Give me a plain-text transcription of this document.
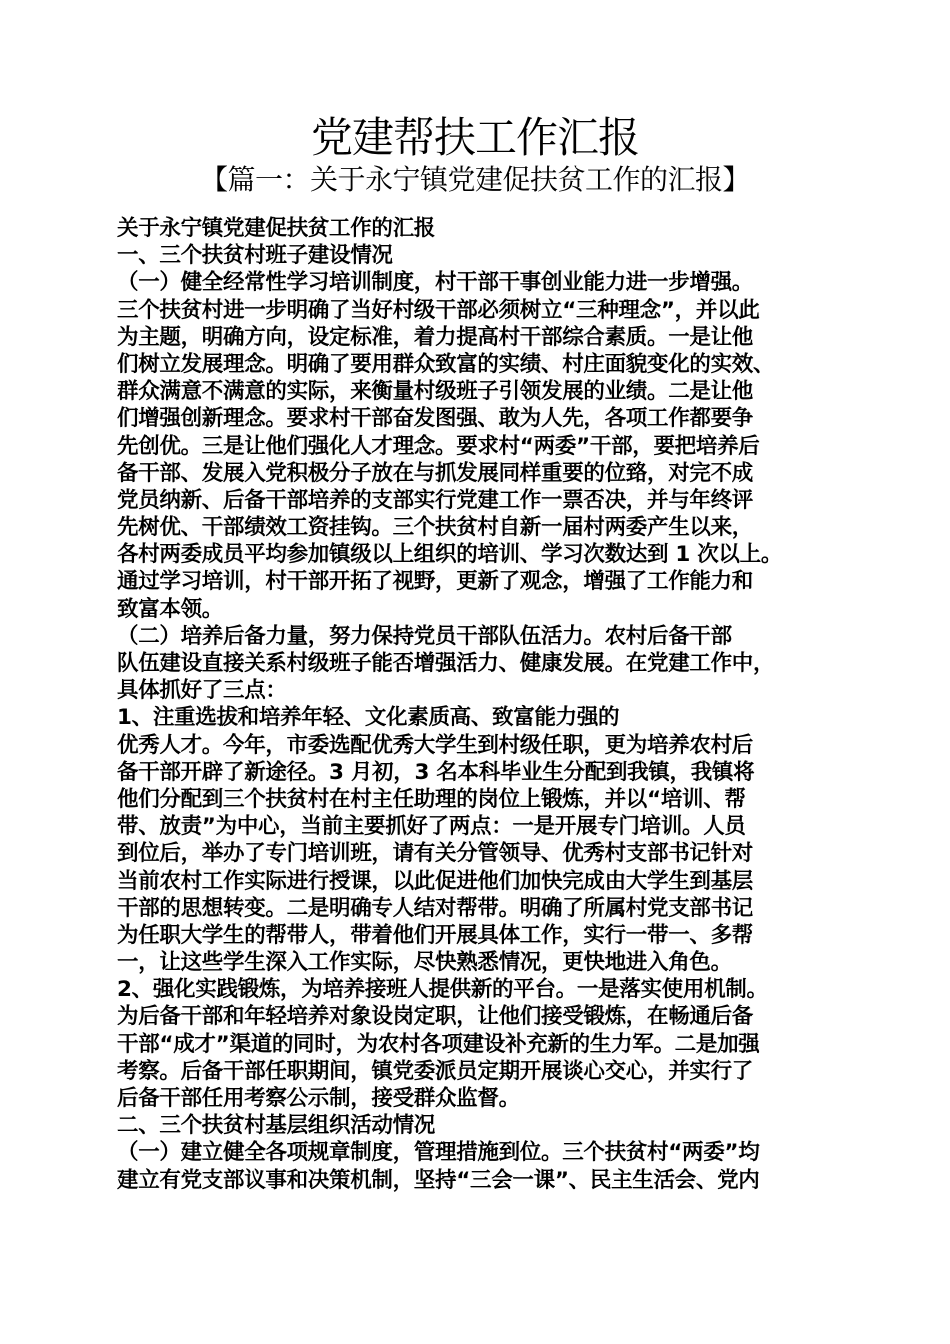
党建帮扶工作汇报
【篇一：关于永宁镇党建促扶贫工作的汇报】
关于永宁镇党建促扶贫工作的汇报
一、三个扶贫村班子建设情况
（一）健全经常性学习培训制度，村干部干事创业能力进一步增强。
三个扶贫村进一步明确了当好村级干部必须树立“三种理念”，并以此
为主题，明确方向，设定标准，着力提高村干部综合素质。一是让他
们树立发展理念。明确了要用群众致富的实绩、村庄面貌变化的实效、
群众满意不满意的实际，来衡量村级班子引领发展的业绩。二是让他
们增强创新理念。要求村干部奋发图强、敢为人先，各项工作都要争
先创优。三是让他们强化人才理念。要求村“两委”干部，要把培养后
备干部、发展入党积极分子放在与抓发展同样重要的位臵，对完不成
党员纳新、后备干部培养的支部实行党建工作一票否决，并与年终评
先树优、干部绩效工资挂钩。三个扶贫村自新一届村两委产生以来，
各村两委成员平均参加镇级以上组织的培训、学习次数达到 1 次以上。
通过学习培训，村干部开拓了视野，更新了观念，增强了工作能力和
致富本领。
（二）培养后备力量，努力保持党员干部队伍活力。农村后备干部
队伍建设直接关系村级班子能否增强活力、健康发展。在党建工作中，
具体抓好了三点：
1、注重选拔和培养年轻、文化素质高、致富能力强的
优秀人才。今年，市委选配优秀大学生到村级任职，更为培养农村后
备干部开辟了新途径。3 月初，3 名本科毕业生分配到我镇，我镇将
他们分配到三个扶贫村在村主任助理的岗位上锻炼，并以“培训、帮
带、放责”为中心，当前主要抓好了两点：一是开展专门培训。人员
到位后，举办了专门培训班，请有关分管领导、优秀村支部书记针对
当前农村工作实际进行授课，以此促进他们加快完成由大学生到基层
干部的思想转变。二是明确专人结对帮带。明确了所属村党支部书记
为任职大学生的帮带人，带着他们开展具体工作，实行一带一、多帮
一，让这些学生深入工作实际，尽快熟悉情况，更快地进入角色。
2、强化实践锻炼，为培养接班人提供新的平台。一是落实使用机制。
为后备干部和年轻培养对象设岗定职，让他们接受锻炼，在畅通后备
干部“成才”渠道的同时，为农村各项建设补充新的生力军。二是加强
考察。后备干部任职期间，镇党委派员定期开展谈心交心，并实行了
后备干部任用考察公示制，接受群众监督。
二、三个扶贫村基层组织活动情况
（一）建立健全各项规章制度，管理措施到位。三个扶贫村“两委”均
建立有党支部议事和决策机制，坚持“三会一课”、民主生活会、党内
